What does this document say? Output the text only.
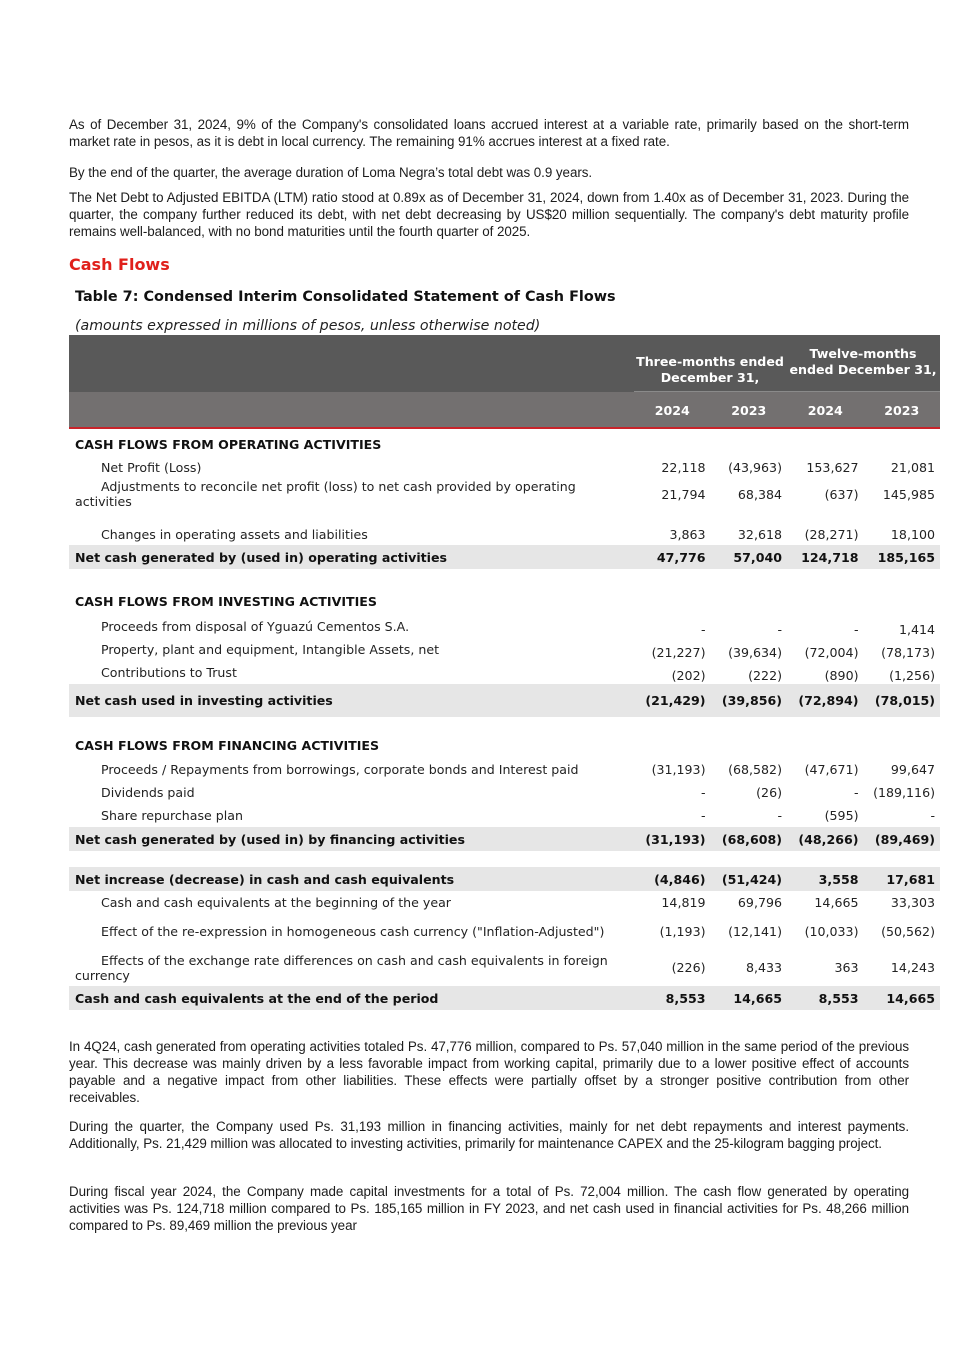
As of December 31, 2024, 9% of the Company's consolidated loans accrued interest at a variable rate, primarily based on the short-term market rate in pesos, as it is debt in local currency. The remaining 91% accrues interest at a fixed rate.

By the end of the quarter, the average duration of Loma Negra’s total debt was 0.9 years.

The Net Debt to Adjusted EBITDA (LTM) ratio stood at 0.89x as of December 31, 2024, down from 1.40x as of December 31, 2023. During the quarter, the company further reduced its debt, with net debt decreasing by US$20 million sequentially. The company's debt maturity profile remains well-balanced, with no bond maturities until the fourth quarter of 2025.

Cash Flows
Table 7: Condensed Interim Consolidated Statement of Cash Flows
(amounts expressed in millions of pesos, unless otherwise noted)
Three-months ended December 31,
Twelve-months ended December 31,
2024	2023	2024	2023
CASH FLOWS FROM OPERATING ACTIVITIES
Net Profit (Loss)	22,118	(43,963)	153,627	21,081
Adjustments to reconcile net profit (loss) to net cash provided by operating activities	21,794	68,384	(637)	145,985
Changes in operating assets and liabilities	3,863	32,618	(28,271)	18,100
Net cash generated by (used in) operating activities	47,776	57,040	124,718	185,165
CASH FLOWS FROM INVESTING ACTIVITIES
Proceeds from disposal of Yguazú Cementos S.A.	-	-	-	1,414
Property, plant and equipment, Intangible Assets, net	(21,227)	(39,634)	(72,004)	(78,173)
Contributions to Trust	(202)	(222)	(890)	(1,256)
Net cash used in investing activities	(21,429)	(39,856)	(72,894)	(78,015)
CASH FLOWS FROM FINANCING ACTIVITIES
Proceeds / Repayments from borrowings, corporate bonds and Interest paid	(31,193)	(68,582)	(47,671)	99,647
Dividends paid	-	(26)	-	(189,116)
Share repurchase plan	-	-	(595)	-
Net cash generated by (used in) by financing activities	(31,193)	(68,608)	(48,266)	(89,469)
Net increase (decrease) in cash and cash equivalents	(4,846)	(51,424)	3,558	17,681
Cash and cash equivalents at the beginning of the year	14,819	69,796	14,665	33,303
Effect of the re-expression in homogeneous cash currency ("Inflation-Adjusted")	(1,193)	(12,141)	(10,033)	(50,562)
Effects of the exchange rate differences on cash and cash equivalents in foreign currency	(226)	8,433	363	14,243
Cash and cash equivalents at the end of the period	8,553	14,665	8,553	14,665

In 4Q24, cash generated from operating activities totaled Ps. 47,776 million, compared to Ps. 57,040 million in the same period of the previous year. This decrease was mainly driven by a less favorable impact from working capital, primarily due to a lower positive effect of accounts payable and a negative impact from other liabilities. These effects were partially offset by a stronger positive contribution from other receivables.

During the quarter, the Company used Ps. 31,193 million in financing activities, mainly for net debt repayments and interest payments. Additionally, Ps. 21,429 million was allocated to investing activities, primarily for maintenance CAPEX and the 25-kilogram bagging project.

During fiscal year 2024, the Company made capital investments for a total of Ps. 72,004 million. The cash flow generated by operating activities was Ps. 124,718 million compared to Ps. 185,165 million in FY 2023, and net cash used in financial activities for Ps. 48,266 million compared to Ps. 89,469 million the previous year
